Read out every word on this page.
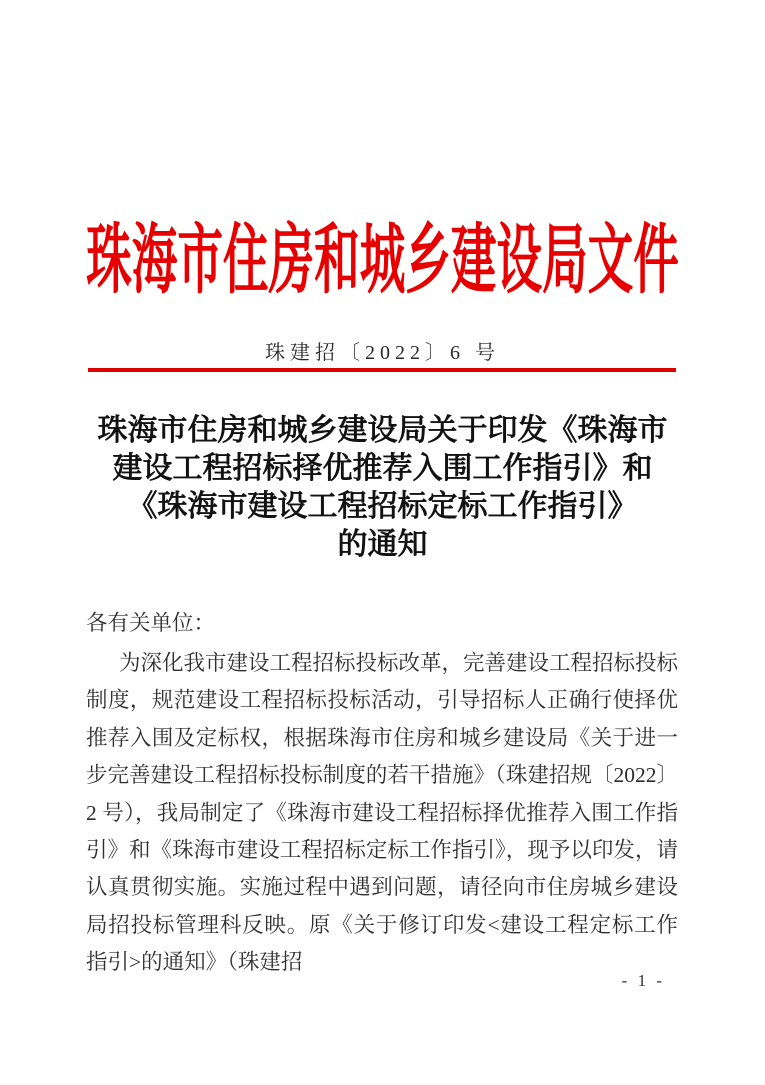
珠海市住房和城乡建设局文件
珠建招〔2022〕6 号
珠海市住房和城乡建设局关于印发《珠海市
建设工程招标择优推荐入围工作指引》和
《珠海市建设工程招标定标工作指引》
的通知
各有关单位：
为深化我市建设工程招标投标改革，完善建设工程招标投标制度，规范建设工程招标投标活动，引导招标人正确行使择优推荐入围及定标权，根据珠海市住房和城乡建设局《关于进一步完善建设工程招标投标制度的若干措施》（珠建招规〔2022〕2 号），我局制定了《珠海市建设工程招标择优推荐入围工作指引》和《珠海市建设工程招标定标工作指引》，现予以印发，请认真贯彻实施。实施过程中遇到问题，请径向市住房城乡建设局招投标管理科反映。原《关于修订印发<建设工程定标工作指引>的通知》（珠建招
- 1 -
